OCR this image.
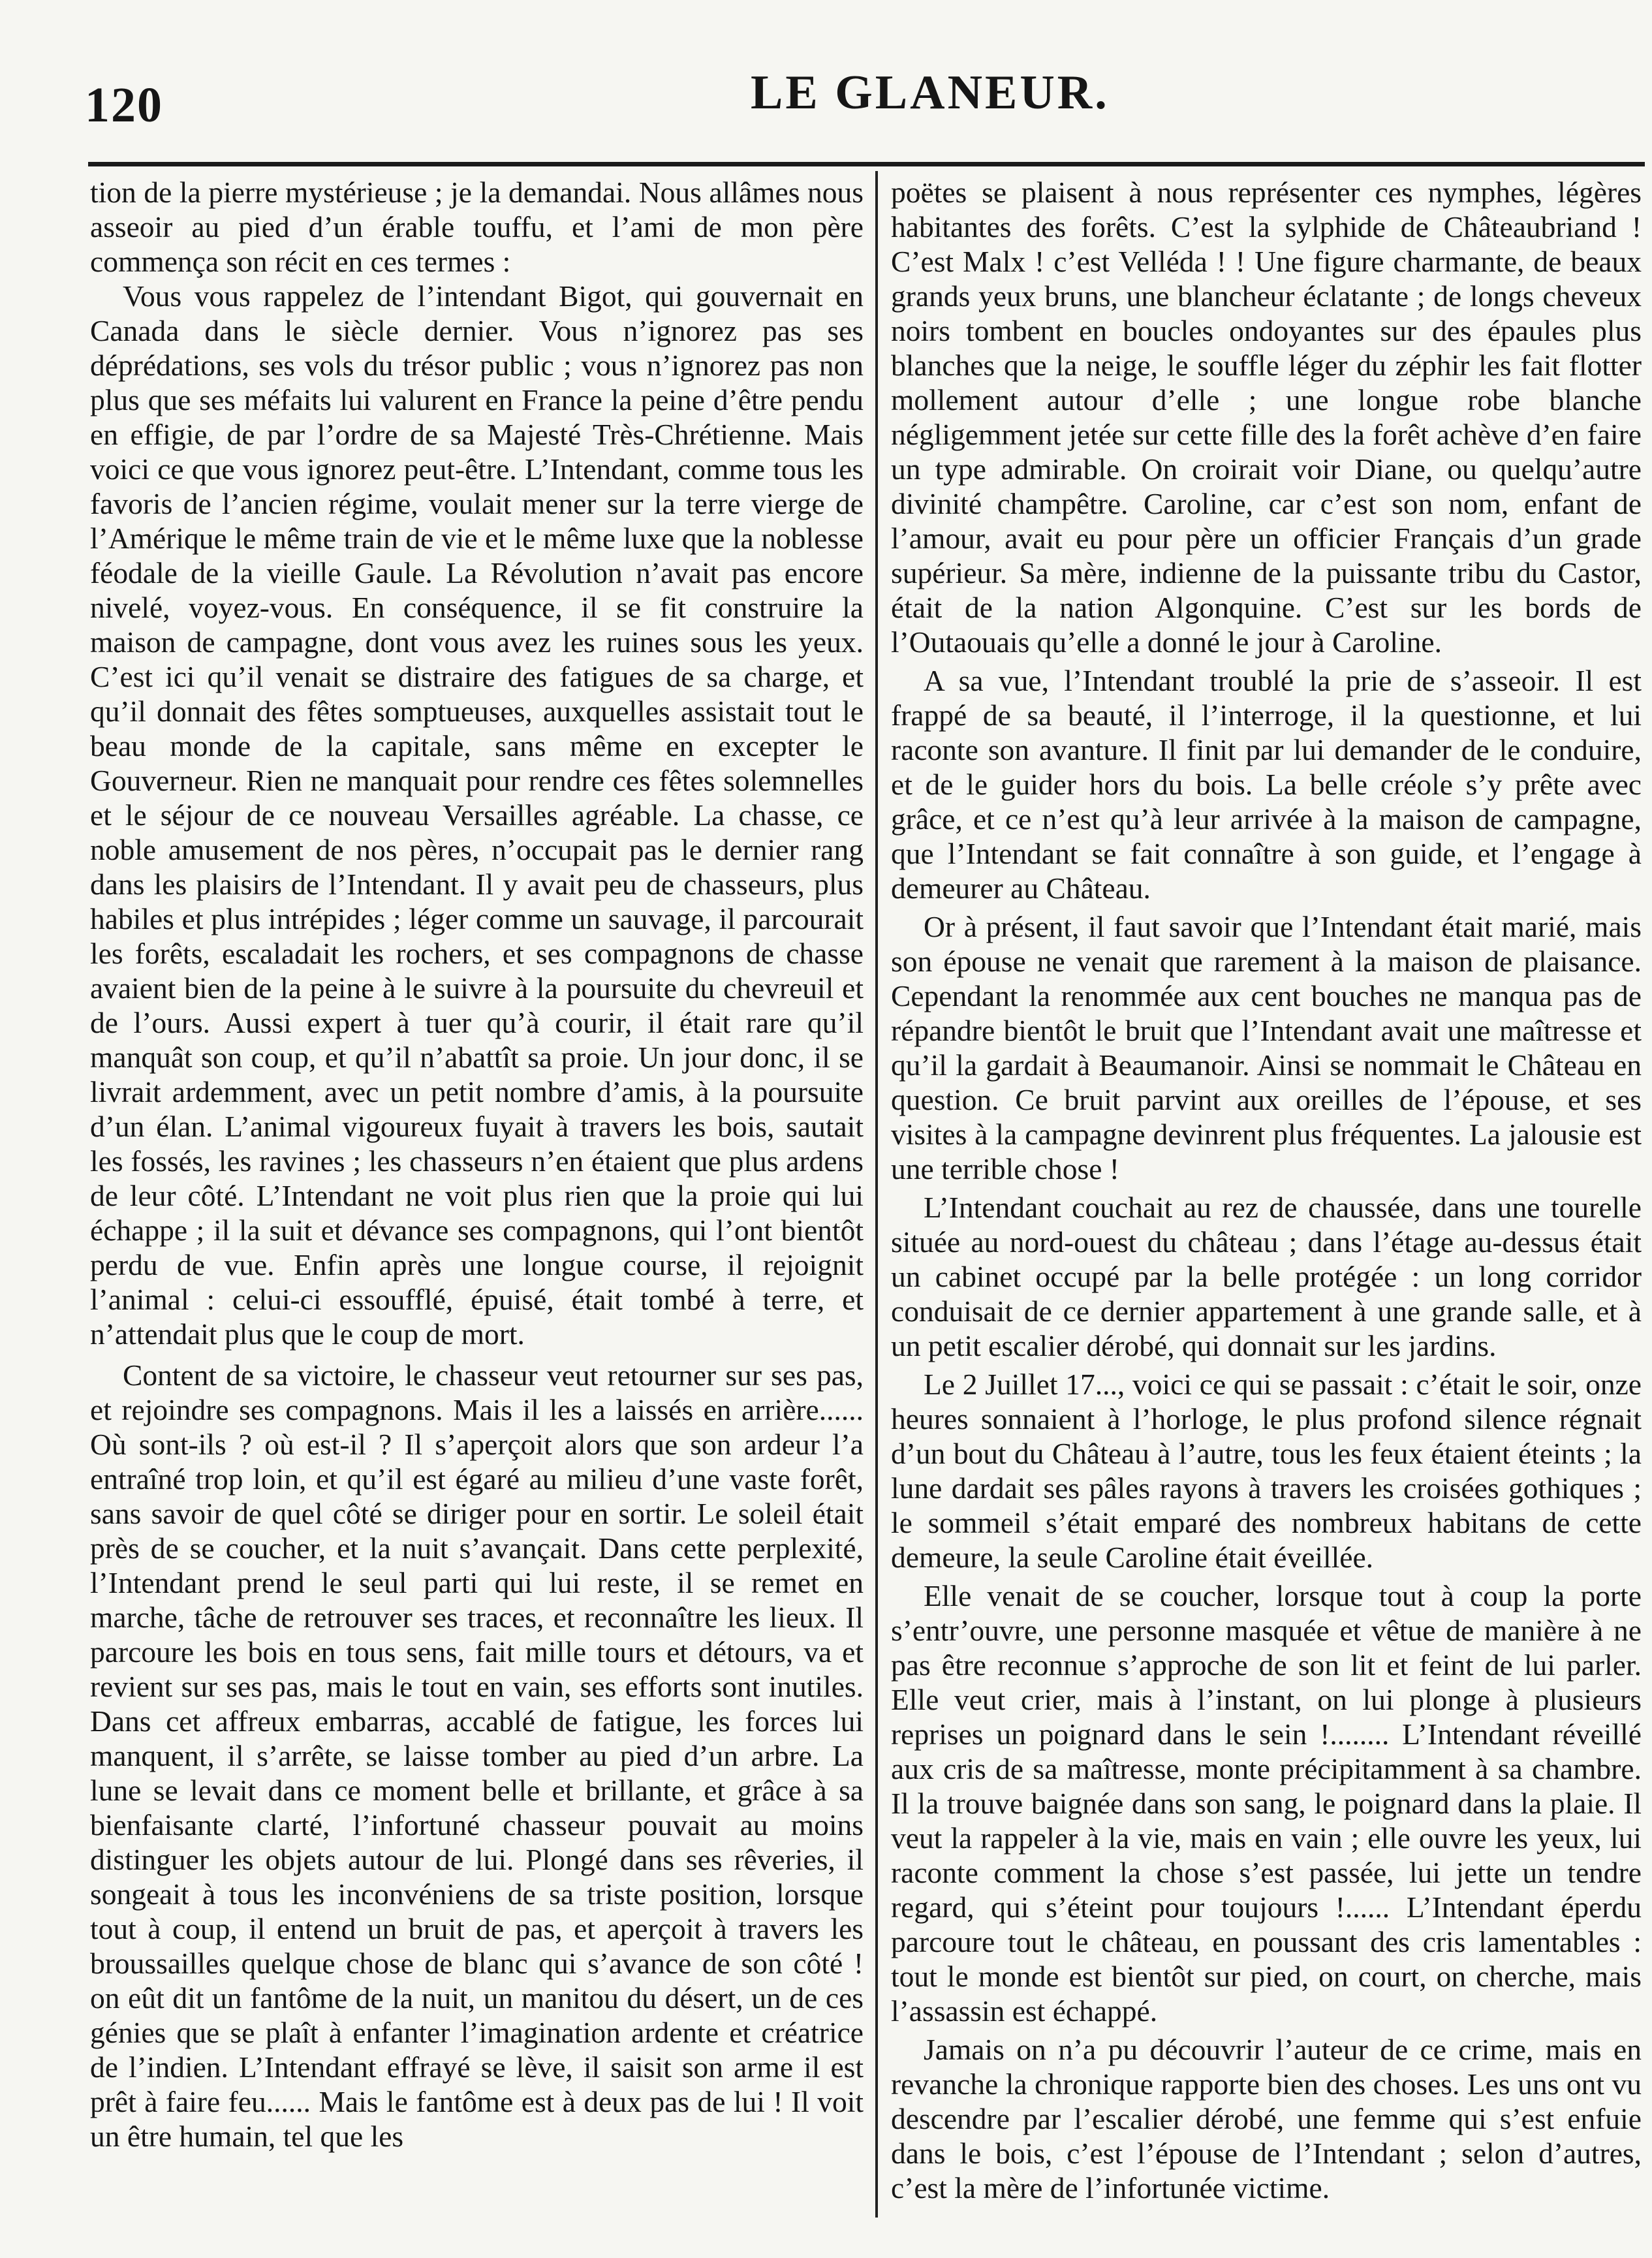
120	LE GLANEUR.

tion de la pierre mystérieuse ; je la demandai. Nous allâmes nous asseoir au pied d’un érable touffu, et l’ami de mon père commença son récit en ces termes :

Vous vous rappelez de l’intendant Bigot, qui gouvernait en Canada dans le siècle dernier. Vous n’ignorez pas ses déprédations, ses vols du trésor public ; vous n’ignorez pas non plus que ses méfaits lui valurent en France la peine d’être pendu en effigie, de par l’ordre de sa Majesté Très-Chrétienne. Mais voici ce que vous ignorez peut-être. L’Intendant, comme tous les favoris de l’ancien régime, voulait mener sur la terre vierge de l’Amérique le même train de vie et le même luxe que la noblesse féodale de la vieille Gaule. La Révolution n’avait pas encore nivelé, voyez-vous. En conséquence, il se fit construire la maison de campagne, dont vous avez les ruines sous les yeux. C’est ici qu’il venait se distraire des fatigues de sa charge, et qu’il donnait des fêtes somptueuses, auxquelles assistait tout le beau monde de la capitale, sans même en excepter le Gouverneur. Rien ne manquait pour rendre ces fêtes solemnelles et le séjour de ce nouveau Versailles agréable. La chasse, ce noble amusement de nos pères, n’occupait pas le dernier rang dans les plaisirs de l’Intendant. Il y avait peu de chasseurs, plus habiles et plus intrépides ; léger comme un sauvage, il parcourait les forêts, escaladait les rochers, et ses compagnons de chasse avaient bien de la peine à le suivre à la poursuite du chevreuil et de l’ours. Aussi expert à tuer qu’à courir, il était rare qu’il manquât son coup, et qu’il n’abattît sa proie. Un jour donc, il se livrait ardemment, avec un petit nombre d’amis, à la poursuite d’un élan. L’animal vigoureux fuyait à travers les bois, sautait les fossés, les ravines ; les chasseurs n’en étaient que plus ardens de leur côté. L’Intendant ne voit plus rien que la proie qui lui échappe ; il la suit et dévance ses compagnons, qui l’ont bientôt perdu de vue. Enfin après une longue course, il rejoignit l’animal : celui-ci essoufflé, épuisé, était tombé à terre, et n’attendait plus que le coup de mort.

Content de sa victoire, le chasseur veut retourner sur ses pas, et rejoindre ses compagnons. Mais il les a laissés en arrière...... Où sont-ils ? où est-il ? Il s’aperçoit alors que son ardeur l’a entraîné trop loin, et qu’il est égaré au milieu d’une vaste forêt, sans savoir de quel côté se diriger pour en sortir. Le soleil était près de se coucher, et la nuit s’avançait. Dans cette perplexité, l’Intendant prend le seul parti qui lui reste, il se remet en marche, tâche de retrouver ses traces, et reconnaître les lieux. Il parcoure les bois en tous sens, fait mille tours et détours, va et revient sur ses pas, mais le tout en vain, ses efforts sont inutiles. Dans cet affreux embarras, accablé de fatigue, les forces lui manquent, il s’arrête, se laisse tomber au pied d’un arbre. La lune se levait dans ce moment belle et brillante, et grâce à sa bienfaisante clarté, l’infortuné chasseur pouvait au moins distinguer les objets autour de lui. Plongé dans ses rêveries, il songeait à tous les inconvéniens de sa triste position, lorsque tout à coup, il entend un bruit de pas, et aperçoit à travers les broussailles quelque chose de blanc qui s’avance de son côté ! on eût dit un fantôme de la nuit, un manitou du désert, un de ces génies que se plaît à enfanter l’imagination ardente et créatrice de l’indien. L’Intendant effrayé se lève, il saisit son arme il est prêt à faire feu...... Mais le fantôme est à deux pas de lui ! Il voit un être humain, tel que les

poëtes se plaisent à nous représenter ces nymphes, légères habitantes des forêts. C’est la sylphide de Châteaubriand ! C’est Malx ! c’est Velléda ! ! Une figure charmante, de beaux grands yeux bruns, une blancheur éclatante ; de longs cheveux noirs tombent en boucles ondoyantes sur des épaules plus blanches que la neige, le souffle léger du zéphir les fait flotter mollement autour d’elle ; une longue robe blanche négligemment jetée sur cette fille des la forêt achève d’en faire un type admirable. On croirait voir Diane, ou quelqu’autre divinité champêtre. Caroline, car c’est son nom, enfant de l’amour, avait eu pour père un officier Français d’un grade supérieur. Sa mère, indienne de la puissante tribu du Castor, était de la nation Algonquine. C’est sur les bords de l’Outaouais qu’elle a donné le jour à Caroline.

A sa vue, l’Intendant troublé la prie de s’asseoir. Il est frappé de sa beauté, il l’interroge, il la questionne, et lui raconte son avanture. Il finit par lui demander de le conduire, et de le guider hors du bois. La belle créole s’y prête avec grâce, et ce n’est qu’à leur arrivée à la maison de campagne, que l’Intendant se fait connaître à son guide, et l’engage à demeurer au Château.

Or à présent, il faut savoir que l’Intendant était marié, mais son épouse ne venait que rarement à la maison de plaisance. Cependant la renommée aux cent bouches ne manqua pas de répandre bientôt le bruit que l’Intendant avait une maîtresse et qu’il la gardait à Beaumanoir. Ainsi se nommait le Château en question. Ce bruit parvint aux oreilles de l’épouse, et ses visites à la campagne devinrent plus fréquentes. La jalousie est une terrible chose !

L’Intendant couchait au rez de chaussée, dans une tourelle située au nord-ouest du château ; dans l’étage au-dessus était un cabinet occupé par la belle protégée : un long corridor conduisait de ce dernier appartement à une grande salle, et à un petit escalier dérobé, qui donnait sur les jardins.

Le 2 Juillet 17..., voici ce qui se passait : c’était le soir, onze heures sonnaient à l’horloge, le plus profond silence régnait d’un bout du Château à l’autre, tous les feux étaient éteints ; la lune dardait ses pâles rayons à travers les croisées gothiques ; le sommeil s’était emparé des nombreux habitans de cette demeure, la seule Caroline était éveillée.

Elle venait de se coucher, lorsque tout à coup la porte s’entr’ouvre, une personne masquée et vêtue de manière à ne pas être reconnue s’approche de son lit et feint de lui parler. Elle veut crier, mais à l’instant, on lui plonge à plusieurs reprises un poignard dans le sein !........ L’Intendant réveillé aux cris de sa maîtresse, monte précipitamment à sa chambre. Il la trouve baignée dans son sang, le poignard dans la plaie. Il veut la rappeler à la vie, mais en vain ; elle ouvre les yeux, lui raconte comment la chose s’est passée, lui jette un tendre regard, qui s’éteint pour toujours !...... L’Intendant éperdu parcoure tout le château, en poussant des cris lamentables : tout le monde est bientôt sur pied, on court, on cherche, mais l’assassin est échappé.

Jamais on n’a pu découvrir l’auteur de ce crime, mais en revanche la chronique rapporte bien des choses. Les uns ont vu descendre par l’escalier dérobé, une femme qui s’est enfuie dans le bois, c’est l’épouse de l’Intendant ; selon d’autres, c’est la mère de l’infortunée victime.
